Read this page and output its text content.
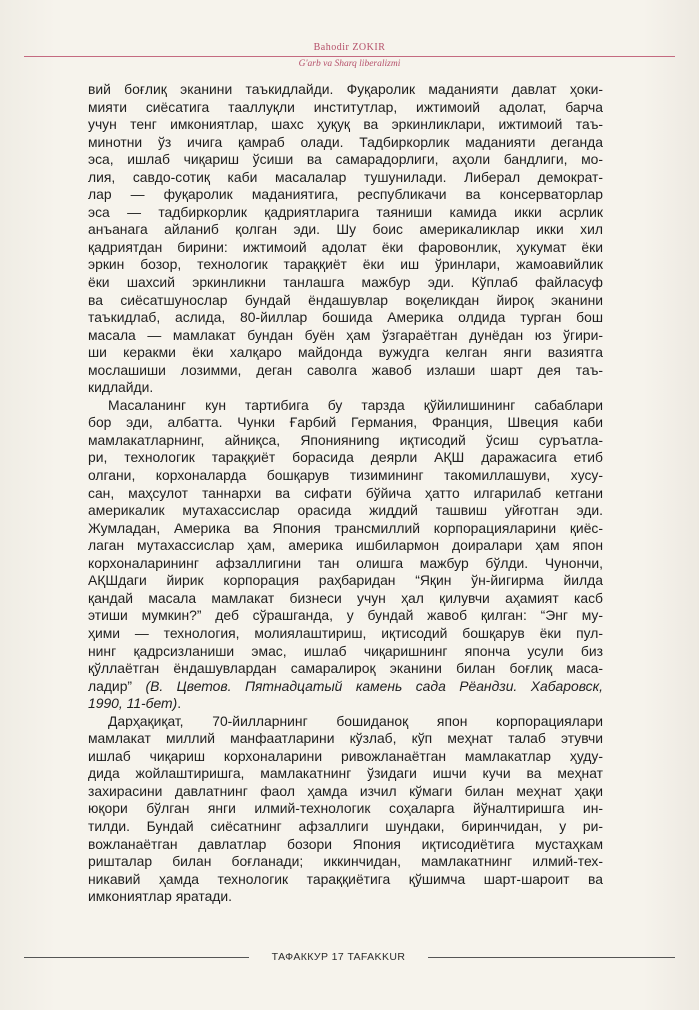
Bahodir ZOKIR
G'arb va Sharq liberalizmi
вий боғлиқ эканини таъкидлайди. Фуқаролик маданияти давлат ҳоки-
мияти сиёсатига тааллуқли институтлар, ижтимоий адолат, барча
учун тенг имкониятлар, шахс ҳуқуқ ва эркинликлари, ижтимоий таъ-
минотни ўз ичига қамраб олади. Тадбиркорлик маданияти деганда
эса, ишлаб чиқариш ўсиши ва самарадорлиги, аҳоли бандлиги, мо-
лия, савдо-сотиқ каби масалалар тушунилади. Либерал демократ-
лар — фуқаролик маданиятига, республикачи ва консерваторлар
эса — тадбиркорлик қадриятларига таяниши камида икки асрлик
анъанага айланиб қолган эди. Шу боис америкаликлар икки хил
қадриятдан бирини: ижтимоий адолат ёки фаровонлик, ҳукумат ёки
эркин бозор, технологик тараққиёт ёки иш ўринлари, жамоавийлик
ёки шахсий эркинликни танлашга мажбур эди. Кўплаб файласуф
ва сиёсатшунослар бундай ёндашувлар воқеликдан йироқ эканини
таъкидлаб, аслида, 80-йиллар бошида Америка олдида турган бош
масала — мамлакат бундан буён ҳам ўзгараётган дунёдан юз ўгири-
ши керакми ёки халқаро майдонда вужудга келган янги вазиятга
мослашиши лозимми, деган саволга жавоб излаши шарт дея таъ-
кидлайди.
Масаланинг кун тартибига бу тарзда қўйилишининг сабаблари
бор эди, албатта. Чунки Ғарбий Германия, Франция, Швеция каби
мамлакатларнинг, айниқса, Японияниng иқтисодий ўсиш суръатла-
ри, технологик тараққиёт борасида деярли АҚШ даражасига етиб
олгани, корхоналарда бошқарув тизимининг такомиллашуви, хусу-
сан, маҳсулот таннархи ва сифати бўйича ҳатто илгарилаб кетгани
америкалик мутахассислар орасида жиддий ташвиш уйғотган эди.
Жумладан, Америка ва Япония трансмиллий корпорацияларини қиёс-
лаган мутахассислар ҳам, америка ишбилармон доиралари ҳам япон
корхоналарининг афзаллигини тан олишга мажбур бўлди. Чунончи,
АҚШдаги йирик корпорация раҳбаридан “Яқин ўн-йигирма йилда
қандай масала мамлакат бизнеси учун ҳал қилувчи аҳамият касб
этиши мумкин?” деб сўрашганда, у бундай жавоб қилган: “Энг му-
ҳими — технология, молиялаштириш, иқтисодий бошқарув ёки пул-
нинг қадрсизланиши эмас, ишлаб чиқаришнинг японча усули биз
қўллаётган ёндашувлардан самаралироқ эканини билан боғлиқ маса-
ладир” (В. Цветов. Пятнадцатый камень сада Рёандзи. Хабаровск,
1990, 11-бет).
Дарҳақиқат, 70-йилларнинг бошиданоқ япон корпорациялари
мамлакат миллий манфаатларини кўзлаб, кўп меҳнат талаб этувчи
ишлаб чиқариш корхоналарини ривожланаётган мамлакатлар ҳуду-
дида жойлаштиришга, мамлакатнинг ўзидаги ишчи кучи ва меҳнат
захирасини давлатнинг фаол ҳамда изчил кўмаги билан меҳнат ҳақи
юқори бўлган янги илмий-технологик соҳаларга йўналтиришга ин-
тилди. Бундай сиёсатнинг афзаллиги шундаки, биринчидан, у ри-
вожланаётган давлатлар бозори Япония иқтисодиётига мустаҳкам
ришталар билан боғланади; иккинчидан, мамлакатнинг илмий-тех-
никавий ҳамда технологик тараққиётига қўшимча шарт-шароит ва
имкониятлар яратади.
ТАФАККУР 17 TAFAKKUR
